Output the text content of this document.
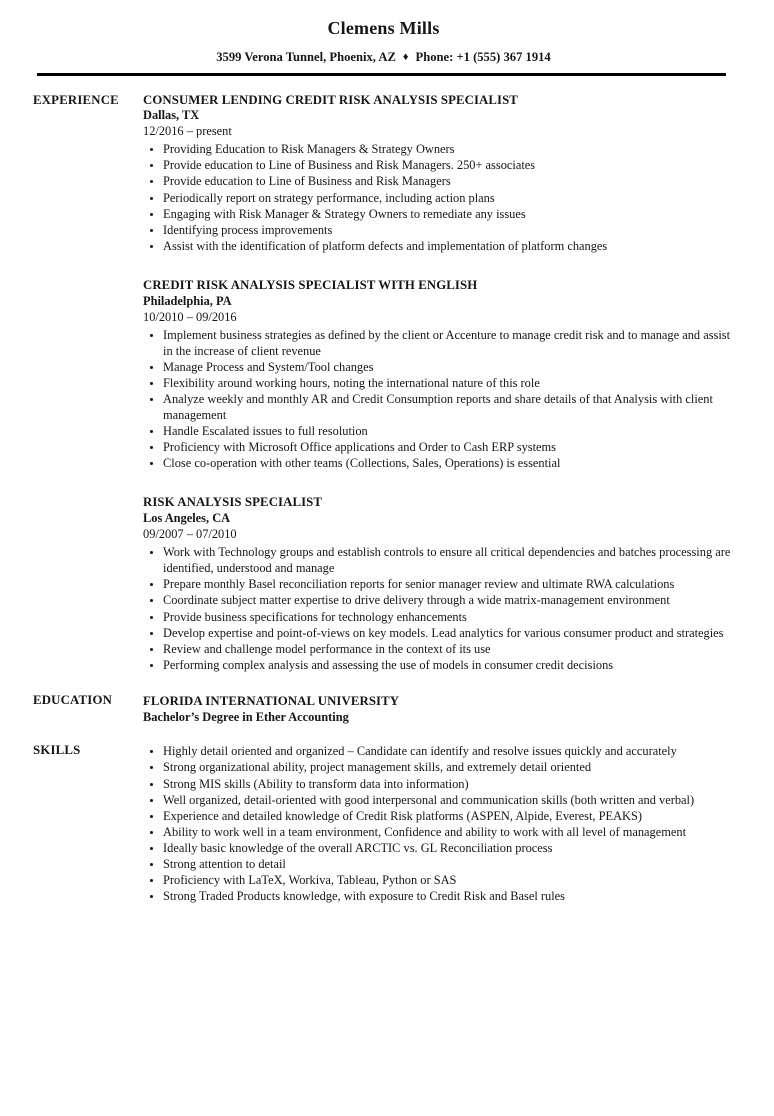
Clemens Mills
3599 Verona Tunnel, Phoenix, AZ ♦ Phone: +1 (555) 367 1914
EXPERIENCE	CONSUMER LENDING CREDIT RISK ANALYSIS SPECIALIST
Dallas, TX
12/2016 – present
• Providing Education to Risk Managers & Strategy Owners
• Provide education to Line of Business and Risk Managers. 250+ associates
• Provide education to Line of Business and Risk Managers
• Periodically report on strategy performance, including action plans
• Engaging with Risk Manager & Strategy Owners to remediate any issues
• Identifying process improvements
• Assist with the identification of platform defects and implementation of platform changes
CREDIT RISK ANALYSIS SPECIALIST WITH ENGLISH
Philadelphia, PA
10/2010 – 09/2016
• Implement business strategies as defined by the client or Accenture to manage credit risk and to manage and assist in the increase of client revenue
• Manage Process and System/Tool changes
• Flexibility around working hours, noting the international nature of this role
• Analyze weekly and monthly AR and Credit Consumption reports and share details of that Analysis with client management
• Handle Escalated issues to full resolution
• Proficiency with Microsoft Office applications and Order to Cash ERP systems
• Close co-operation with other teams (Collections, Sales, Operations) is essential
RISK ANALYSIS SPECIALIST
Los Angeles, CA
09/2007 – 07/2010
• Work with Technology groups and establish controls to ensure all critical dependencies and batches processing are identified, understood and manage
• Prepare monthly Basel reconciliation reports for senior manager review and ultimate RWA calculations
• Coordinate subject matter expertise to drive delivery through a wide matrix-management environment
• Provide business specifications for technology enhancements
• Develop expertise and point-of-views on key models. Lead analytics for various consumer product and strategies
• Review and challenge model performance in the context of its use
• Performing complex analysis and assessing the use of models in consumer credit decisions
EDUCATION	FLORIDA INTERNATIONAL UNIVERSITY
Bachelor’s Degree in Ether Accounting
SKILLS	• Highly detail oriented and organized – Candidate can identify and resolve issues quickly and accurately
• Strong organizational ability, project management skills, and extremely detail oriented
• Strong MIS skills (Ability to transform data into information)
• Well organized, detail-oriented with good interpersonal and communication skills (both written and verbal)
• Experience and detailed knowledge of Credit Risk platforms (ASPEN, Alpide, Everest, PEAKS)
• Ability to work well in a team environment, Confidence and ability to work with all level of management
• Ideally basic knowledge of the overall ARCTIC vs. GL Reconciliation process
• Strong attention to detail
• Proficiency with LaTeX, Workiva, Tableau, Python or SAS
• Strong Traded Products knowledge, with exposure to Credit Risk and Basel rules
